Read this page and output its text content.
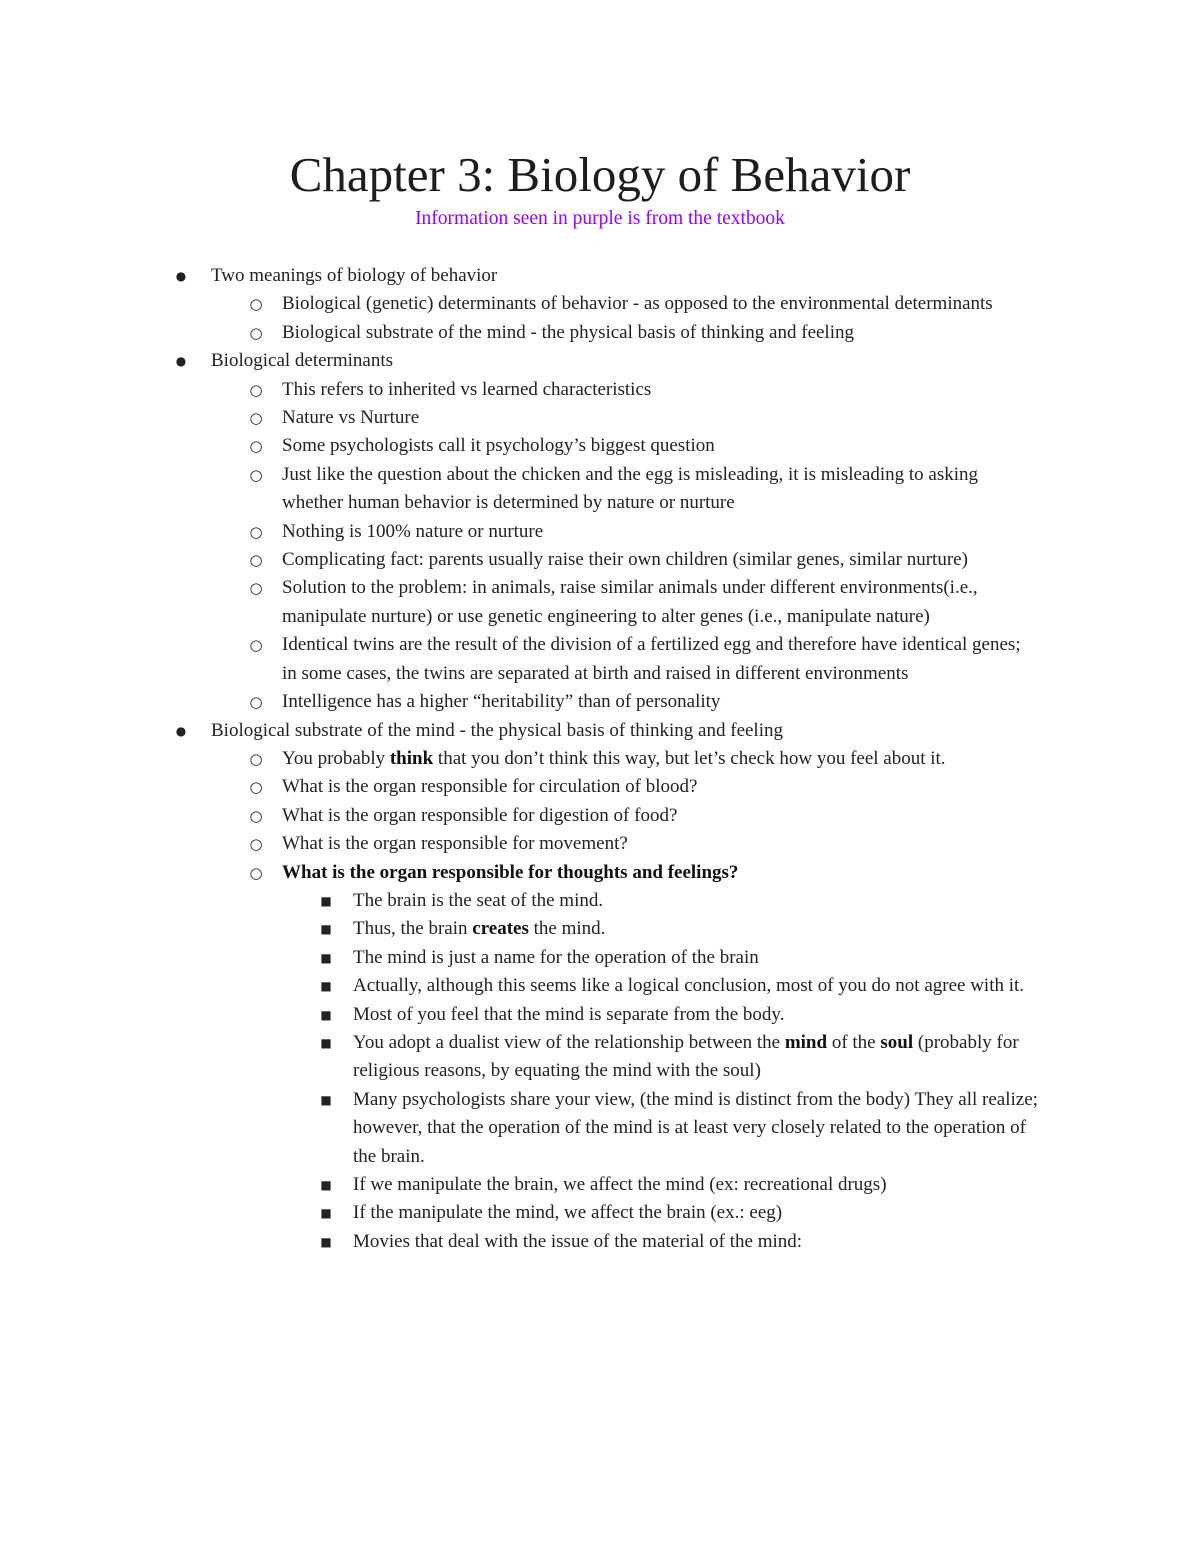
Chapter 3: Biology of Behavior
Information seen in purple is from the textbook
●	Two meanings of biology of behavior
○	Biological (genetic) determinants of behavior - as opposed to the environmental determinants
○	Biological substrate of the mind - the physical basis of thinking and feeling
●	Biological determinants
○	This refers to inherited vs learned characteristics
○	Nature vs Nurture
○	Some psychologists call it psychology’s biggest question
○	Just like the question about the chicken and the egg is misleading, it is misleading to asking whether human behavior is determined by nature or nurture
○	Nothing is 100% nature or nurture
○	Complicating fact: parents usually raise their own children (similar genes, similar nurture)
○	Solution to the problem: in animals, raise similar animals under different environments(i.e., manipulate nurture) or use genetic engineering to alter genes (i.e., manipulate nature)
○	Identical twins are the result of the division of a fertilized egg and therefore have identical genes; in some cases, the twins are separated at birth and raised in different environments
○	Intelligence has a higher “heritability” than of personality
●	Biological substrate of the mind - the physical basis of thinking and feeling
○	You probably think that you don’t think this way, but let’s check how you feel about it.
○	What is the organ responsible for circulation of blood?
○	What is the organ responsible for digestion of food?
○	What is the organ responsible for movement?
○	What is the organ responsible for thoughts and feelings?
■	The brain is the seat of the mind.
■	Thus, the brain creates the mind.
■	The mind is just a name for the operation of the brain
■	Actually, although this seems like a logical conclusion, most of you do not agree with it.
■	Most of you feel that the mind is separate from the body.
■	You adopt a dualist view of the relationship between the mind of the soul (probably for religious reasons, by equating the mind with the soul)
■	Many psychologists share your view, (the mind is distinct from the body) They all realize; however, that the operation of the mind is at least very closely related to the operation of the brain.
■	If we manipulate the brain, we affect the mind (ex: recreational drugs)
■	If the manipulate the mind, we affect the brain (ex.: eeg)
■	Movies that deal with the issue of the material of the mind:
